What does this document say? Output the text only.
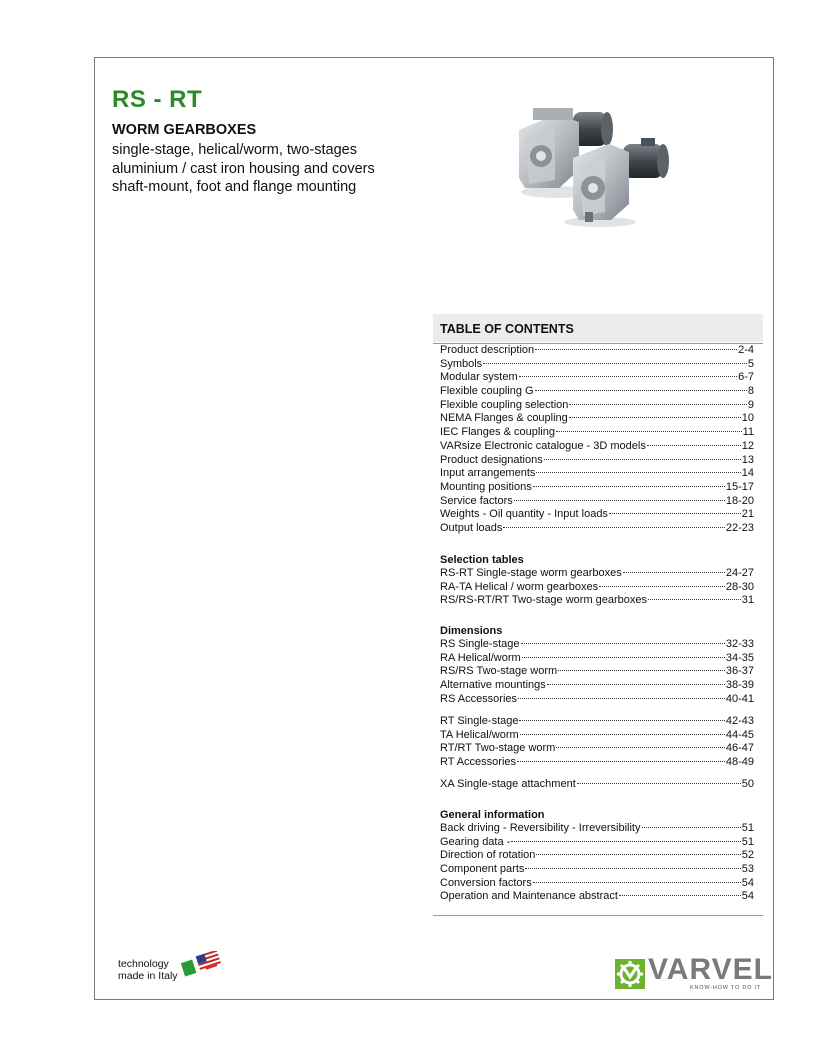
RS - RT
WORM GEARBOXES
single-stage, helical/worm, two-stages
aluminium / cast iron housing and covers
shaft-mount, foot and flange mounting
TABLE OF CONTENTS
Product description	2-4
Symbols	5
Modular system	6-7
Flexible coupling G	8
Flexible coupling selection	9
NEMA Flanges & coupling	10
IEC Flanges & coupling	11
VARsize Electronic catalogue - 3D models	12
Product designations	13
Input arrangements	14
Mounting positions	15-17
Service factors	18-20
Weights - Oil quantity - Input loads	21
Output loads	22-23
Selection tables
RS-RT Single-stage worm gearboxes	24-27
RA-TA Helical / worm gearboxes	28-30
RS/RS-RT/RT Two-stage worm gearboxes	31
Dimensions
RS Single-stage	32-33
RA Helical/worm	34-35
RS/RS Two-stage worm	36-37
Alternative mountings	38-39
RS Accessories	40-41
RT Single-stage	42-43
TA Helical/worm	44-45
RT/RT Two-stage worm	46-47
RT Accessories	48-49
XA Single-stage attachment	50
General information
Back driving - Reversibility - Irreversibility	51
Gearing data -	51
Direction of rotation	52
Component parts	53
Conversion factors	54
Operation and Maintenance abstract	54
technology
made in Italy	VARVEL
KNOW-HOW TO DO IT
